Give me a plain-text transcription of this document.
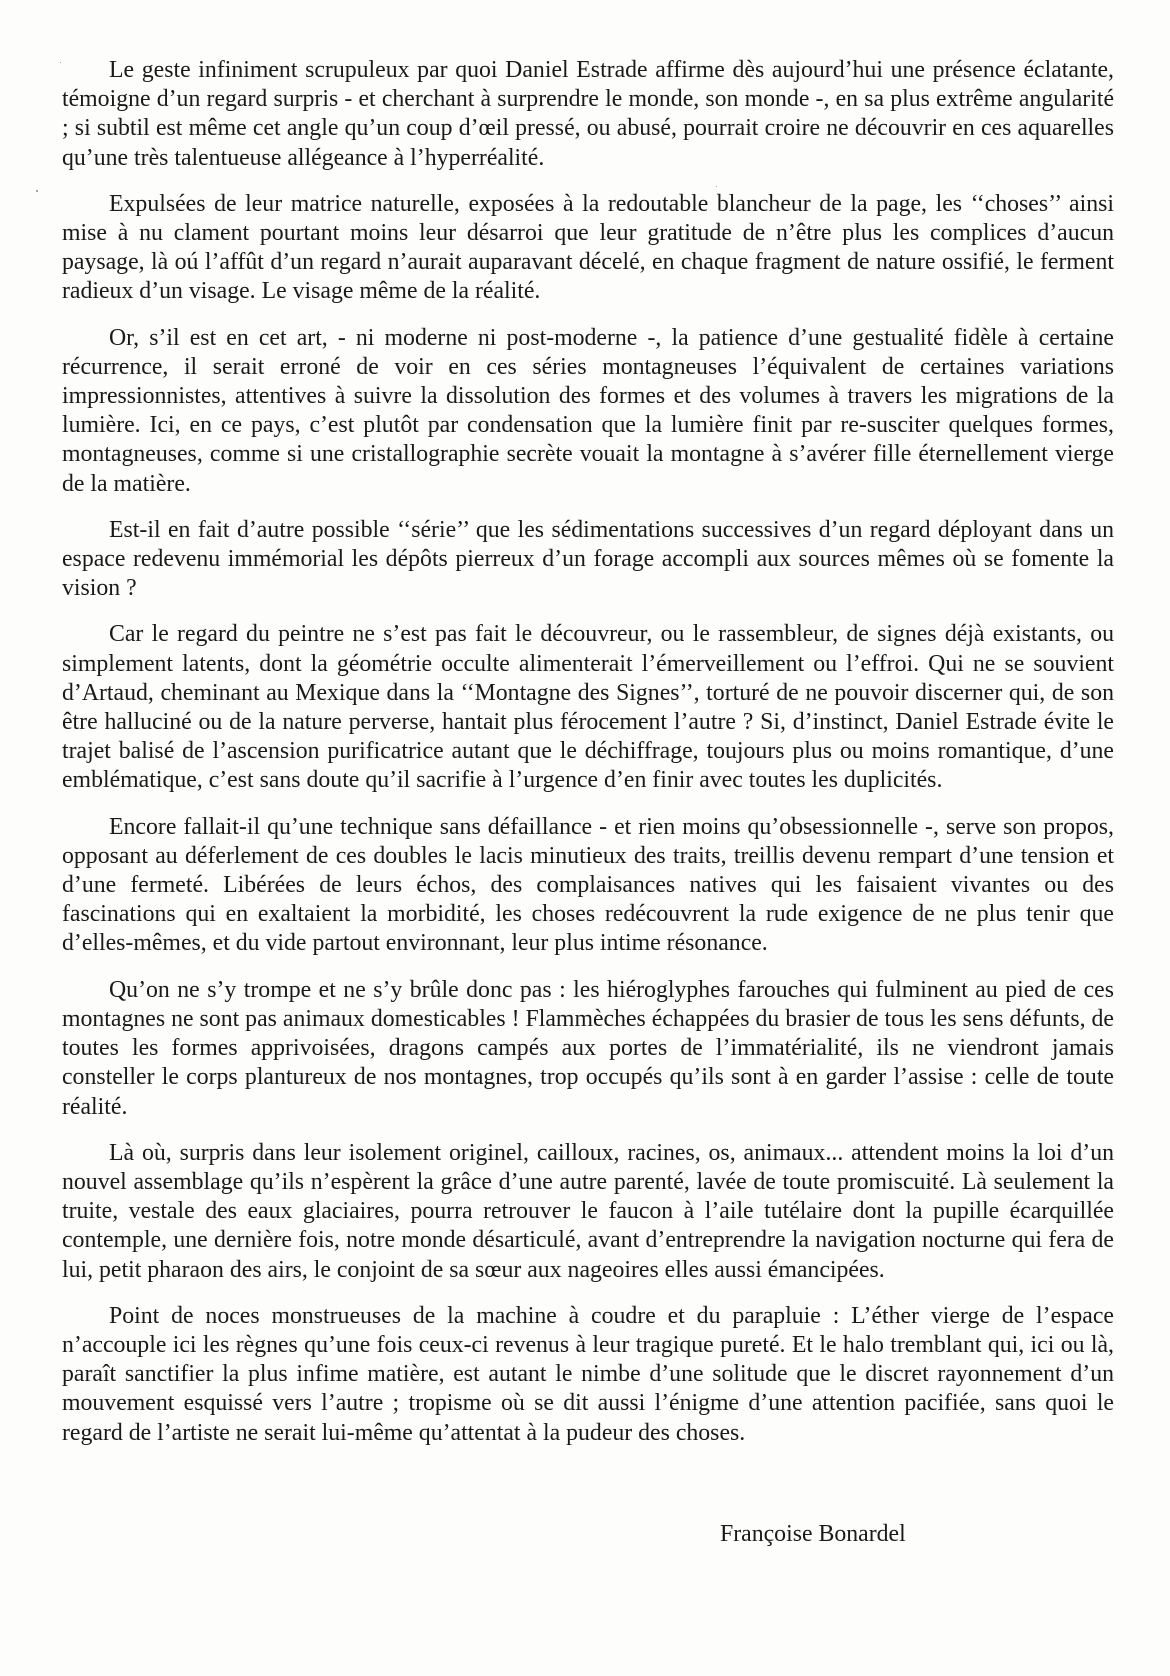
Le geste infiniment scrupuleux par quoi Daniel Estrade affirme dès aujourd’hui une présence éclatante, témoigne d’un regard surpris - et cherchant à surprendre le monde, son monde -, en sa plus extrême angularité ; si subtil est même cet angle qu’un coup d’œil pressé, ou abusé, pourrait croire ne découvrir en ces aquarelles qu’une très talentueuse allégeance à l’hyperréalité.

Expulsées de leur matrice naturelle, exposées à la redoutable blancheur de la page, les ‘‘choses’’ ainsi mise à nu clament pourtant moins leur désarroi que leur gratitude de n’être plus les complices d’aucun paysage, là oú l’affût d’un regard n’aurait auparavant décelé, en chaque fragment de nature ossifié, le ferment radieux d’un visage. Le visage même de la réalité.

Or, s’il est en cet art, - ni moderne ni post-moderne -, la patience d’une gestualité fidèle à certaine récurrence, il serait erroné de voir en ces séries montagneuses l’équivalent de certaines variations impressionnistes, attentives à suivre la dissolution des formes et des volumes à travers les migrations de la lumière. Ici, en ce pays, c’est plutôt par condensation que la lumière finit par re-susciter quelques formes, montagneuses, comme si une cristallographie secrète vouait la montagne à s’avérer fille éternellement vierge de la matière.

Est-il en fait d’autre possible ‘‘série’’ que les sédimentations successives d’un regard déployant dans un espace redevenu immémorial les dépôts pierreux d’un forage accompli aux sources mêmes où se fomente la vision ?

Car le regard du peintre ne s’est pas fait le découvreur, ou le rassembleur, de signes déjà existants, ou simplement latents, dont la géométrie occulte alimenterait l’émerveillement ou l’effroi. Qui ne se souvient d’Artaud, cheminant au Mexique dans la ‘‘Montagne des Signes’’, torturé de ne pouvoir discerner qui, de son être halluciné ou de la nature perverse, hantait plus férocement l’autre ? Si, d’instinct, Daniel Estrade évite le trajet balisé de l’ascension purificatrice autant que le déchiffrage, toujours plus ou moins romantique, d’une emblématique, c’est sans doute qu’il sacrifie à l’urgence d’en finir avec toutes les duplicités.

Encore fallait-il qu’une technique sans défaillance - et rien moins qu’obsessionnelle -, serve son propos, opposant au déferlement de ces doubles le lacis minutieux des traits, treillis devenu rempart d’une tension et d’une fermeté. Libérées de leurs échos, des complaisances natives qui les faisaient vivantes ou des fascinations qui en exaltaient la morbidité, les choses redécouvrent la rude exigence de ne plus tenir que d’elles-mêmes, et du vide partout environnant, leur plus intime résonance.

Qu’on ne s’y trompe et ne s’y brûle donc pas : les hiéroglyphes farouches qui fulminent au pied de ces montagnes ne sont pas animaux domesticables ! Flammèches échappées du brasier de tous les sens défunts, de toutes les formes apprivoisées, dragons campés aux portes de l’immatérialité, ils ne viendront jamais consteller le corps plantureux de nos montagnes, trop occupés qu’ils sont à en garder l’assise : celle de toute réalité.

Là où, surpris dans leur isolement originel, cailloux, racines, os, animaux... attendent moins la loi d’un nouvel assemblage qu’ils n’espèrent la grâce d’une autre parenté, lavée de toute promiscuité. Là seulement la truite, vestale des eaux glaciaires, pourra retrouver le faucon à l’aile tutélaire dont la pupille écarquillée contemple, une dernière fois, notre monde désarticulé, avant d’entreprendre la navigation nocturne qui fera de lui, petit pharaon des airs, le conjoint de sa sœur aux nageoires elles aussi émancipées.

Point de noces monstrueuses de la machine à coudre et du parapluie : L’éther vierge de l’espace n’accouple ici les règnes qu’une fois ceux-ci revenus à leur tragique pureté. Et le halo tremblant qui, ici ou là, paraît sanctifier la plus infime matière, est autant le nimbe d’une solitude que le discret rayonnement d’un mouvement esquissé vers l’autre ; tropisme où se dit aussi l’énigme d’une attention pacifiée, sans quoi le regard de l’artiste ne serait lui-même qu’attentat à la pudeur des choses.

Françoise Bonardel
